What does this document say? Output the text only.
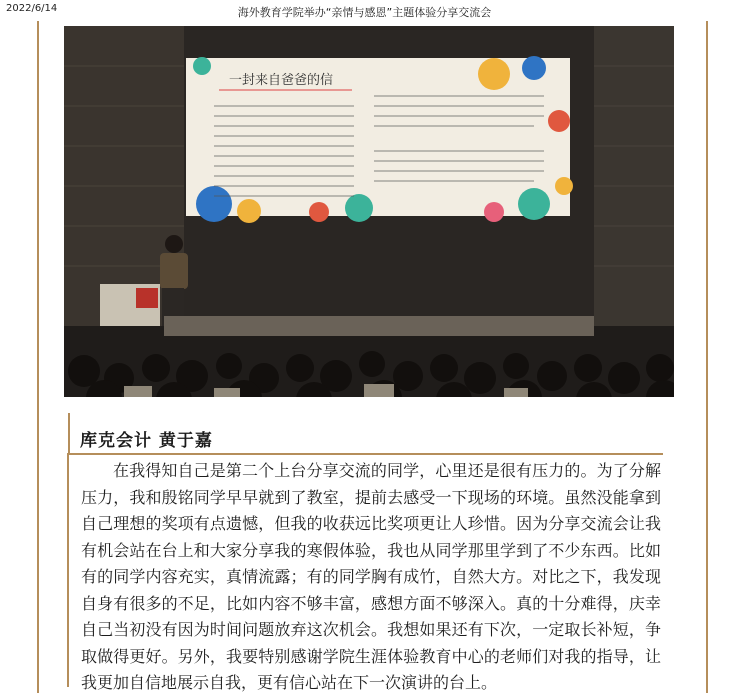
2022/6/14	海外教育学院举办“亲情与感恩”主题体验分享交流会
一封来自爸爸的信
库克会计 黄于嘉
在我得知自己是第二个上台分享交流的同学，心里还是很有压力的。为了分解压力，我和殷铭同学早早就到了教室，提前去感受一下现场的环境。虽然没能拿到自己理想的奖项有点遗憾，但我的收获远比奖项更让人珍惜。因为分享交流会让我有机会站在台上和大家分享我的寒假体验，我也从同学那里学到了不少东西。比如有的同学内容充实，真情流露；有的同学胸有成竹，自然大方。对比之下，我发现自身有很多的不足，比如内容不够丰富，感想方面不够深入。真的十分难得，庆幸自己当初没有因为时间问题放弃这次机会。我想如果还有下次，一定取长补短，争取做得更好。另外，我要特别感谢学院生涯体验教育中心的老师们对我的指导，让我更加自信地展示自我，更有信心站在下一次演讲的台上。
